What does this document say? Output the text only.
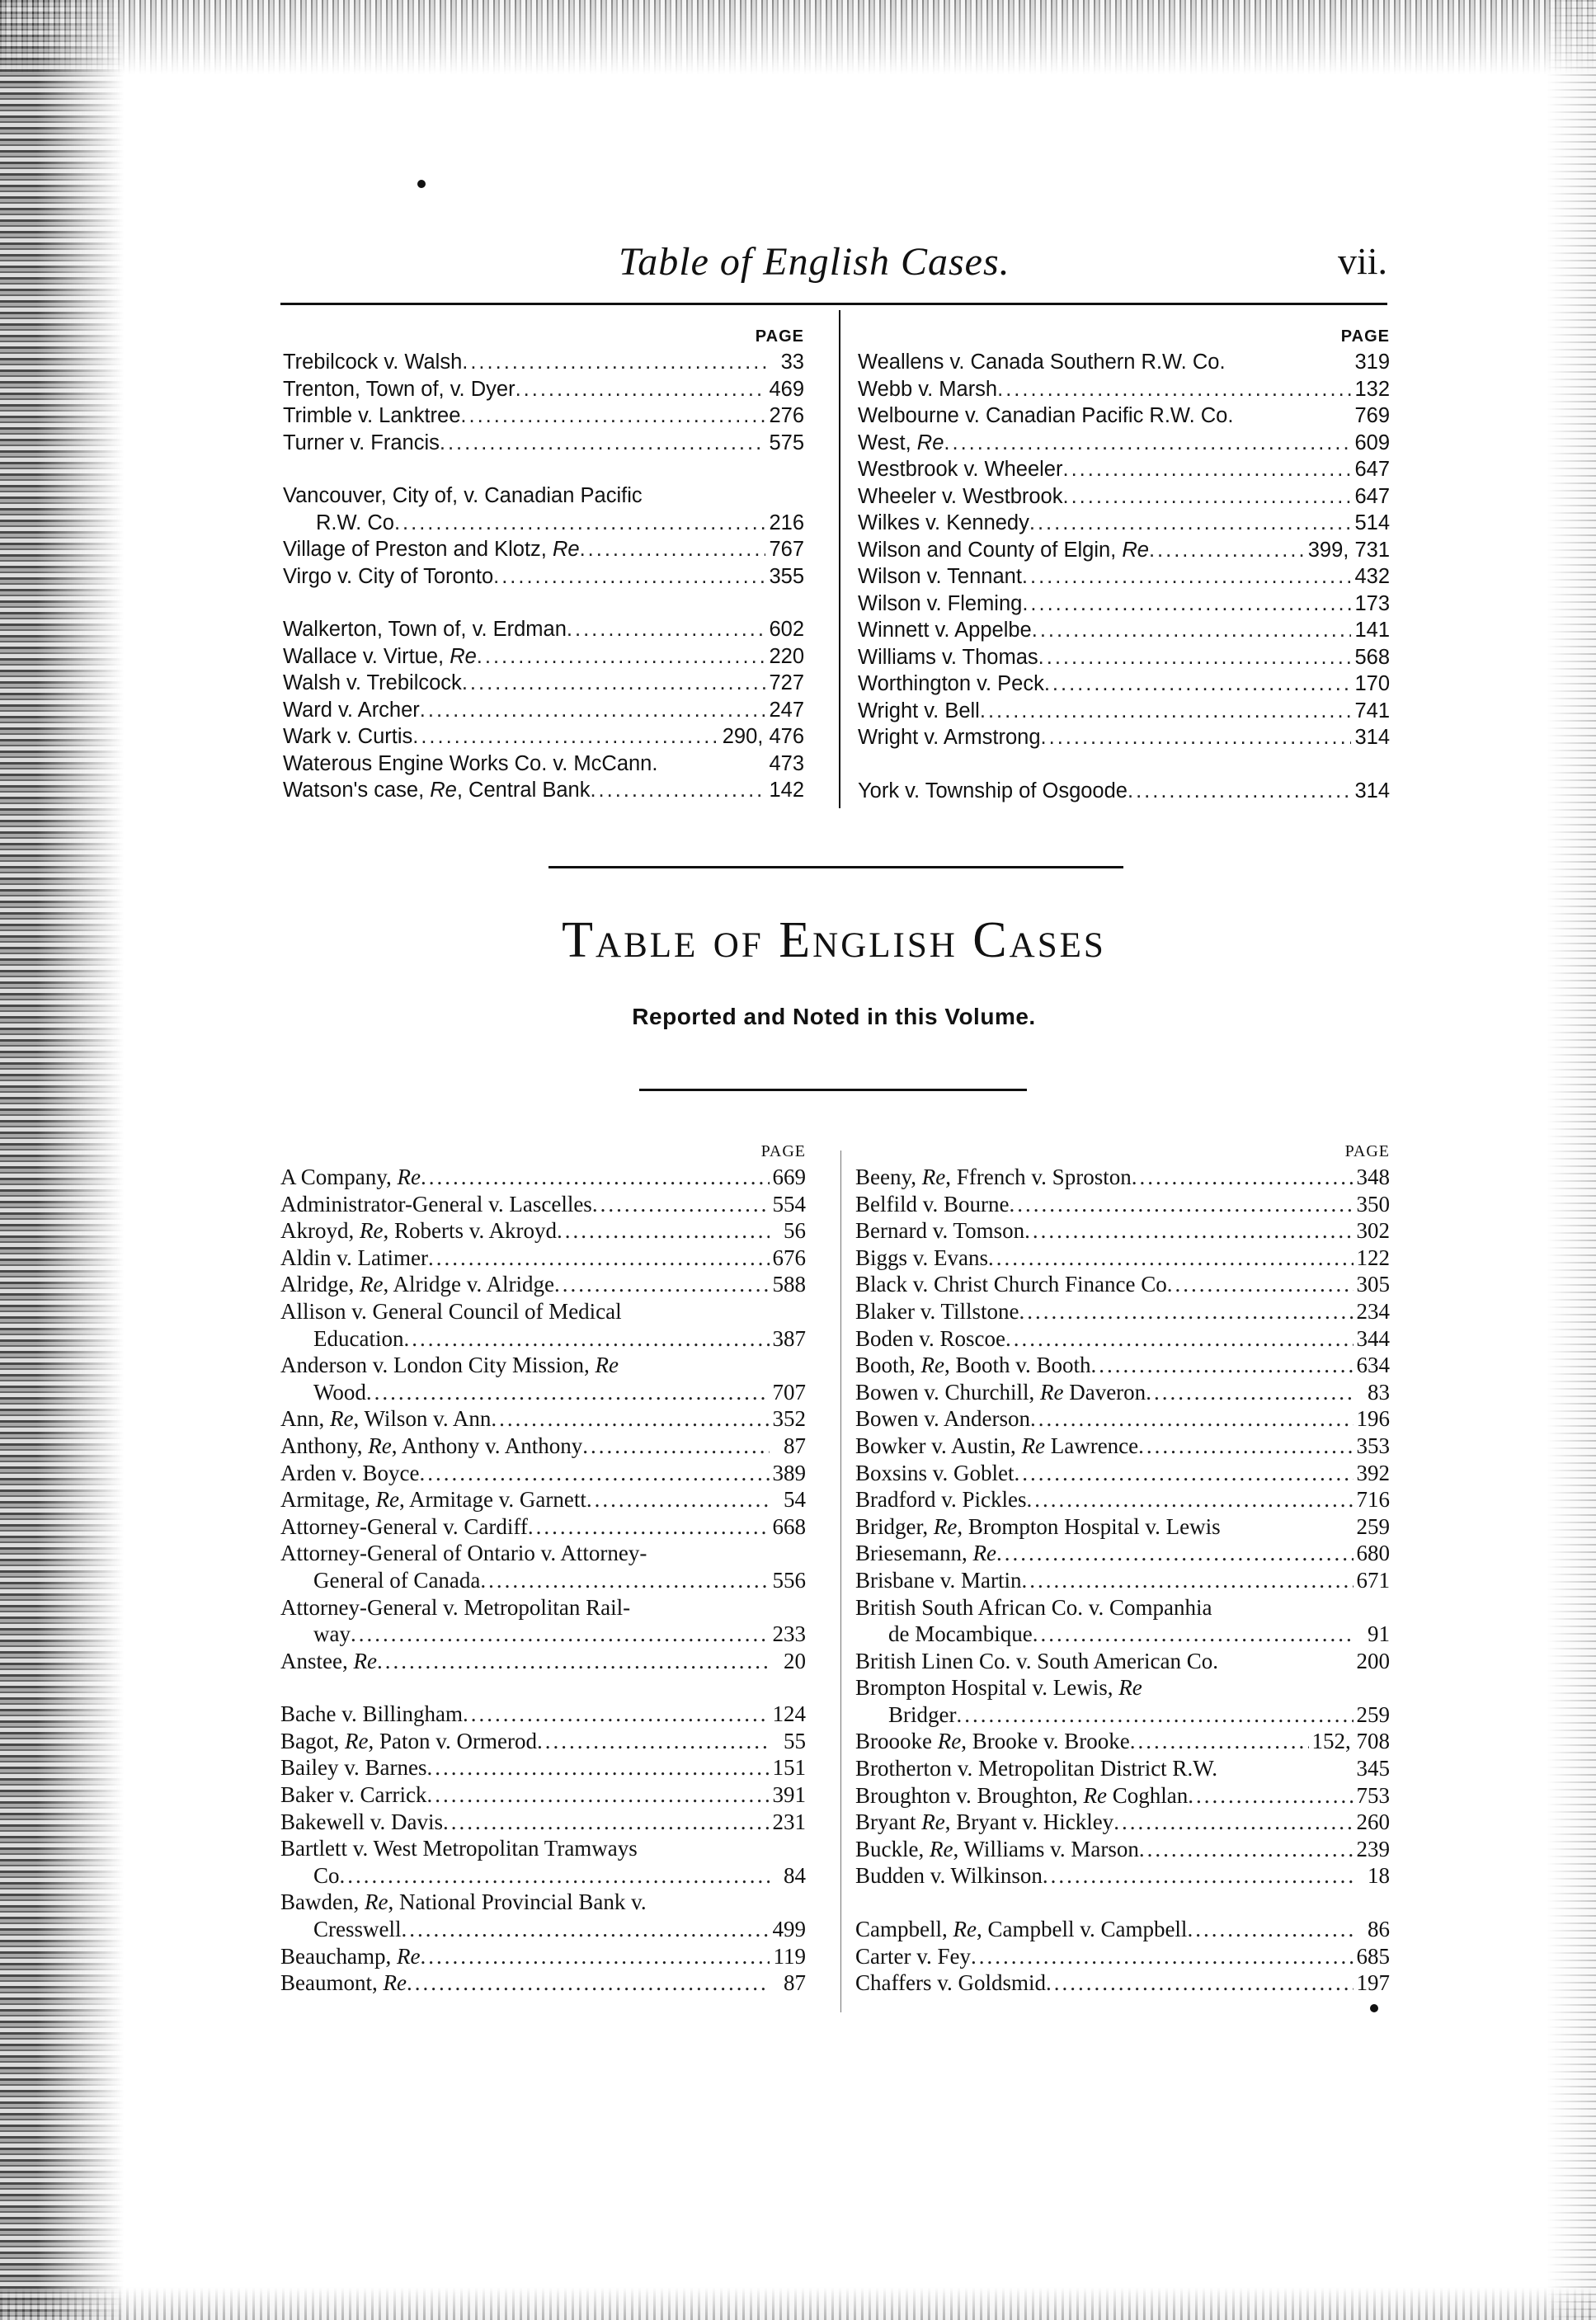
Table of English Cases.	vii.
PAGE
Trebilcock v. Walsh .....	33
Trenton, Town of, v. Dyer .....	469
Trimble v. Lanktree .....	276
Turner v. Francis .....	575
Vancouver, City of, v. Canadian Pacific
R.W. Co .....	216
Village of Preston and Klotz, Re .....	767
Virgo v. City of Toronto .....	355
Walkerton, Town of, v. Erdman .....	602
Wallace v. Virtue, Re .....	220
Walsh v. Trebilcock .....	727
Ward v. Archer .....	247
Wark v. Curtis .....	290, 476
Waterous Engine Works Co. v. McCann.	473
Watson's case, Re, Central Bank .....	142
PAGE
Weallens v. Canada Southern R.W. Co.	319
Webb v. Marsh .....	132
Welbourne v. Canadian Pacific R.W. Co.	769
West, Re .....	609
Westbrook v. Wheeler .....	647
Wheeler v. Westbrook .....	647
Wilkes v. Kennedy .....	514
Wilson and County of Elgin, Re .....	399, 731
Wilson v. Tennant .....	432
Wilson v. Fleming .....	173
Winnett v. Appelbe .....	141
Williams v. Thomas .....	568
Worthington v. Peck .....	170
Wright v. Bell .....	741
Wright v. Armstrong .....	314
York v. Township of Osgoode .....	314
Table of English Cases
Reported and Noted in this Volume.
PAGE
A Company, Re .....	669
Administrator-General v. Lascelles .....	554
Akroyd, Re, Roberts v. Akroyd .....	56
Aldin v. Latimer .....	676
Alridge, Re, Alridge v. Alridge .....	588
Allison v. General Council of Medical
Education .....	387
Anderson v. London City Mission, Re
Wood .....	707
Ann, Re, Wilson v. Ann .....	352
Anthony, Re, Anthony v. Anthony .....	87
Arden v. Boyce .....	389
Armitage, Re, Armitage v. Garnett .....	54
Attorney-General v. Cardiff .....	668
Attorney-General of Ontario v. Attorney-
General of Canada .....	556
Attorney-General v. Metropolitan Rail-
way .....	233
Anstee, Re .....	20
Bache v. Billingham .....	124
Bagot, Re, Paton v. Ormerod .....	55
Bailey v. Barnes .....	151
Baker v. Carrick .....	391
Bakewell v. Davis .....	231
Bartlett v. West Metropolitan Tramways
Co .....	84
Bawden, Re, National Provincial Bank v.
Cresswell .....	499
Beauchamp, Re .....	119
Beaumont, Re .....	87
PAGE
Beeny, Re, Ffrench v. Sproston .....	348
Belfild v. Bourne .....	350
Bernard v. Tomson .....	302
Biggs v. Evans .....	122
Black v. Christ Church Finance Co .....	305
Blaker v. Tillstone .....	234
Boden v. Roscoe .....	344
Booth, Re, Booth v. Booth .....	634
Bowen v. Churchill, Re Daveron .....	83
Bowen v. Anderson .....	196
Bowker v. Austin, Re Lawrence .....	353
Boxsins v. Goblet .....	392
Bradford v. Pickles .....	716
Bridger, Re, Brompton Hospital v. Lewis	259
Briesemann, Re .....	680
Brisbane v. Martin .....	671
British South African Co. v. Companhia
de Mocambique .....	91
British Linen Co. v. South American Co.	200
Brompton Hospital v. Lewis, Re
Bridger .....	259
Broooke Re, Brooke v. Brooke .....	152, 708
Brotherton v. Metropolitan District R.W.	345
Broughton v. Broughton, Re Coghlan .....	753
Bryant Re, Bryant v. Hickley .....	260
Buckle, Re, Williams v. Marson .....	239
Budden v. Wilkinson .....	18
Campbell, Re, Campbell v. Campbell .....	86
Carter v. Fey .....	685
Chaffers v. Goldsmid .....	197
